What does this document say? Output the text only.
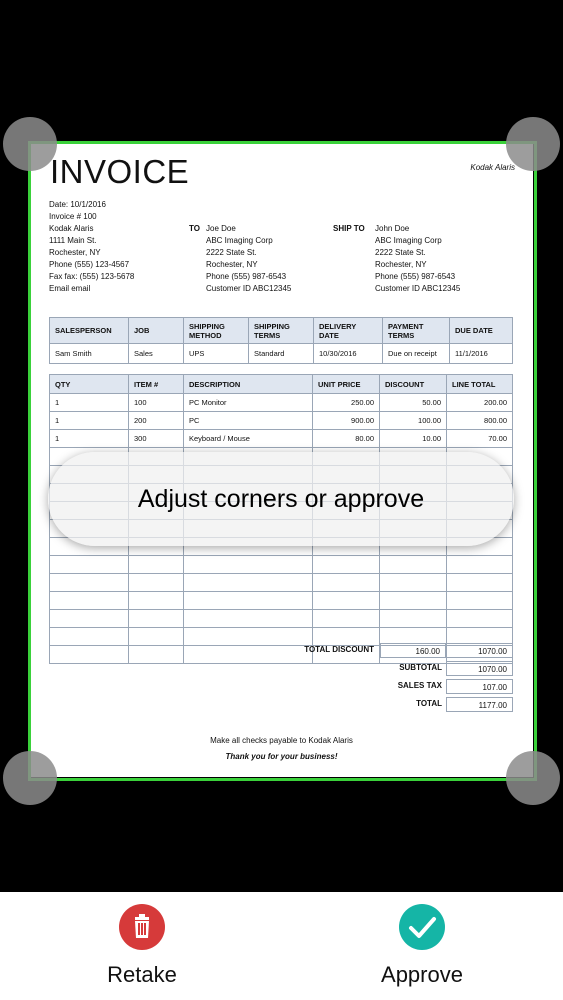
INVOICE	Kodak Alaris
Date: 10/1/2016
Invoice # 100
Kodak Alaris
1111 Main St.
Rochester, NY
Phone (555) 123-4567
Fax fax: (555) 123-5678
Email email
TO Joe Doe
ABC Imaging Corp
2222 State St.
Rochester, NY
Phone (555) 987-6543
Customer ID ABC12345
SHIP TO John Doe
ABC Imaging Corp
2222 State St.
Rochester, NY
Phone (555) 987-6543
Customer ID ABC12345
SALESPERSON	JOB	SHIPPING METHOD	SHIPPING TERMS	DELIVERY DATE	PAYMENT TERMS	DUE DATE
Sam Smith	Sales	UPS	Standard	10/30/2016	Due on receipt	11/1/2016
QTY	ITEM #	DESCRIPTION	UNIT PRICE	DISCOUNT	LINE TOTAL
1	100	PC Monitor	250.00	50.00	200.00
1	200	PC	900.00	100.00	800.00
1	300	Keyboard / Mouse	80.00	10.00	70.00

TOTAL DISCOUNT	160.00	1070.00
SUBTOTAL	1070.00
SALES TAX	107.00
TOTAL	1177.00
Make all checks payable to Kodak Alaris
Thank you for your business!
Adjust corners or approve
Retake	Approve
